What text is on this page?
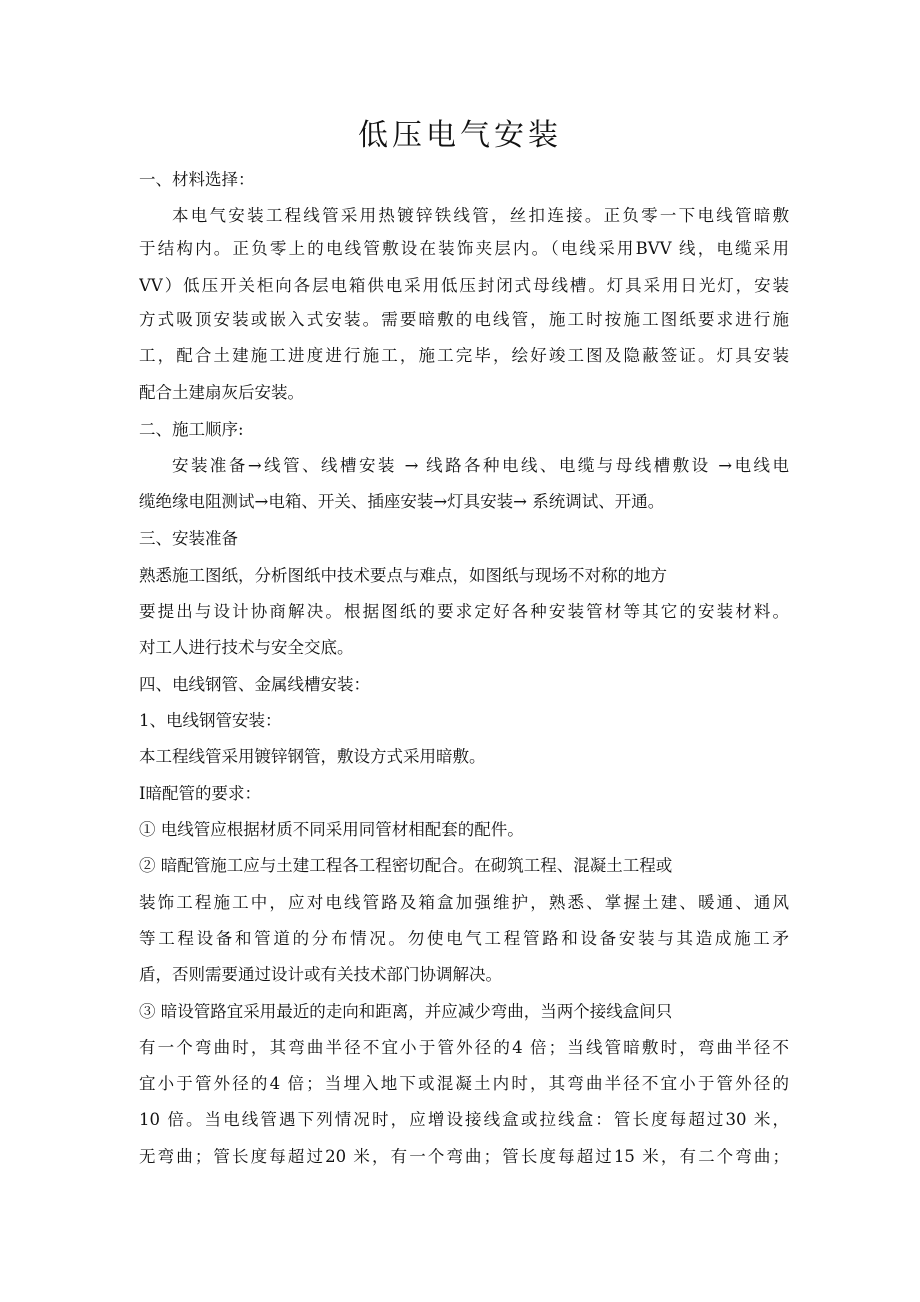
低压电气安装
一、材料选择：
本电气安装工程线管采用热镀锌铁线管，丝扣连接。正负零一下电线管暗敷
于结构内。正负零上的电线管敷设在装饰夹层内。（电线采用BVV 线，电缆采用
VV）低压开关柜向各层电箱供电采用低压封闭式母线槽。灯具采用日光灯，安装
方式吸顶安装或嵌入式安装。需要暗敷的电线管，施工时按施工图纸要求进行施
工，配合土建施工进度进行施工，施工完毕，绘好竣工图及隐蔽签证。灯具安装
配合土建扇灰后安装。
二、施工顺序:
安装准备→线管、线槽安装 → 线路各种电线、电缆与母线槽敷设 →电线电
缆绝缘电阻测试→电箱、开关、插座安装→灯具安装→ 系统调试、开通。
三、安装准备
熟悉施工图纸，分析图纸中技术要点与难点，如图纸与现场不对称的地方
要提出与设计协商解决。根据图纸的要求定好各种安装管材等其它的安装材料。
对工人进行技术与安全交底。
四、电线钢管、金属线槽安装：
1、电线钢管安装：
本工程线管采用镀锌钢管，敷设方式采用暗敷。
Ⅰ暗配管的要求：
① 电线管应根据材质不同采用同管材相配套的配件。
② 暗配管施工应与土建工程各工程密切配合。在砌筑工程、混凝土工程或
装饰工程施工中，应对电线管路及箱盒加强维护，熟悉、掌握土建、暖通、通风
等工程设备和管道的分布情况。勿使电气工程管路和设备安装与其造成施工矛
盾，否则需要通过设计或有关技术部门协调解决。
③ 暗设管路宜采用最近的走向和距离，并应减少弯曲，当两个接线盒间只
有一个弯曲时，其弯曲半径不宜小于管外径的4 倍；当线管暗敷时，弯曲半径不
宜小于管外径的4 倍；当埋入地下或混凝土内时，其弯曲半径不宜小于管外径的
10 倍。当电线管遇下列情况时，应增设接线盒或拉线盒：管长度每超过30 米，
无弯曲；管长度每超过20 米，有一个弯曲；管长度每超过15 米，有二个弯曲；
